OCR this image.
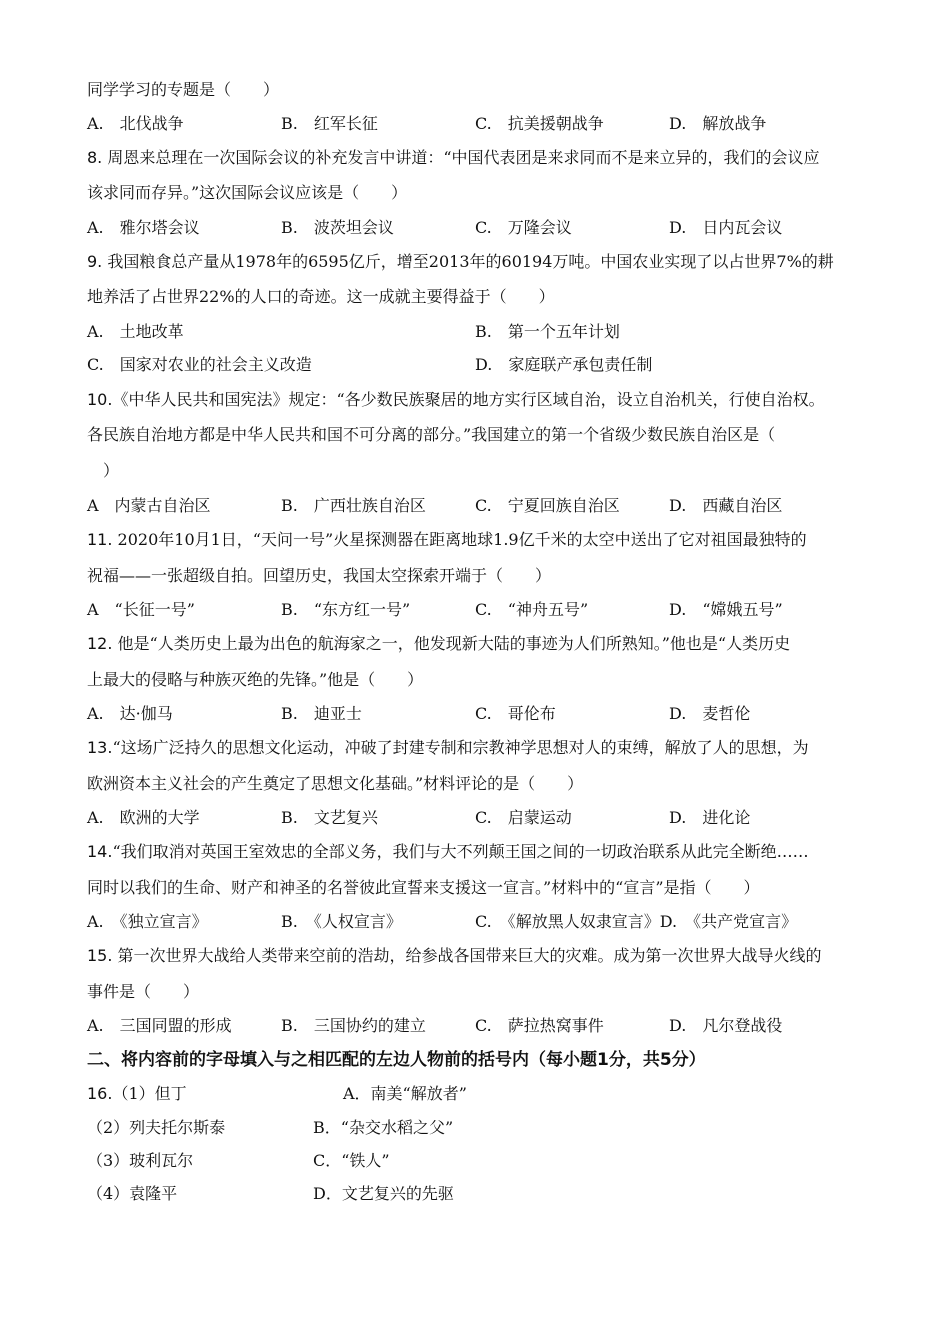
同学学习的专题是（　　）
A.　北伐战争	B.　红军长征	C.　抗美援朝战争	D.　解放战争
8. 周恩来总理在一次国际会议的补充发言中讲道：“中国代表团是来求同而不是来立异的，我们的会议应
该求同而存异。”这次国际会议应该是（　　）
A.　雅尔塔会议	B.　波茨坦会议	C.　万隆会议	D.　日内瓦会议
9. 我国粮食总产量从1978年的6595亿斤，增至2013年的60194万吨。中国农业实现了以占世界7%的耕
地养活了占世界22%的人口的奇迹。这一成就主要得益于（　　）
A.　土地改革	B.　第一个五年计划
C.　国家对农业的社会主义改造	D.　家庭联产承包责任制
10.《中华人民共和国宪法》规定：“各少数民族聚居的地方实行区域自治，设立自治机关，行使自治权。
各民族自治地方都是中华人民共和国不可分离的部分。”我国建立的第一个省级少数民族自治区是（
　）
A　内蒙古自治区	B.　广西壮族自治区	C.　宁夏回族自治区	D.　西藏自治区
11. 2020年10月1日，“天问一号”火星探测器在距离地球1.9亿千米的太空中送出了它对祖国最独特的
祝福——一张超级自拍。回望历史，我国太空探索开端于（　　）
A　“长征一号”	B.　“东方红一号”	C.　“神舟五号”	D.　“嫦娥五号”
12. 他是“人类历史上最为出色的航海家之一，他发现新大陆的事迹为人们所熟知。”他也是“人类历史
上最大的侵略与种族灭绝的先锋。”他是（　　）
A.　达·伽马	B.　迪亚士	C.　哥伦布	D.　麦哲伦
13.“这场广泛持久的思想文化运动，冲破了封建专制和宗教神学思想对人的束缚，解放了人的思想，为
欧洲资本主义社会的产生奠定了思想文化基础。”材料评论的是（　　）
A.　欧洲的大学	B.　文艺复兴	C.　启蒙运动	D.　进化论
14.“我们取消对英国王室效忠的全部义务，我们与大不列颠王国之间的一切政治联系从此完全断绝……
同时以我们的生命、财产和神圣的名誉彼此宣誓来支援这一宣言。”材料中的“宣言”是指（　　）
A.　《独立宣言》	B.　《人权宣言》	C.　《解放黑人奴隶宣言》D.　《共产党宣言》
15. 第一次世界大战给人类带来空前的浩劫，给参战各国带来巨大的灾难。成为第一次世界大战导火线的
事件是（　　）
A.　三国同盟的形成	B.　三国协约的建立	C.　萨拉热窝事件	D.　凡尔登战役
二、将内容前的字母填入与之相匹配的左边人物前的括号内（每小题1分，共5分）
16.（1）但丁	A．南美“解放者”
（2）列夫托尔斯泰	B．“杂交水稻之父”
（3）玻利瓦尔	C．“铁人”
（4）袁隆平	D．文艺复兴的先驱
